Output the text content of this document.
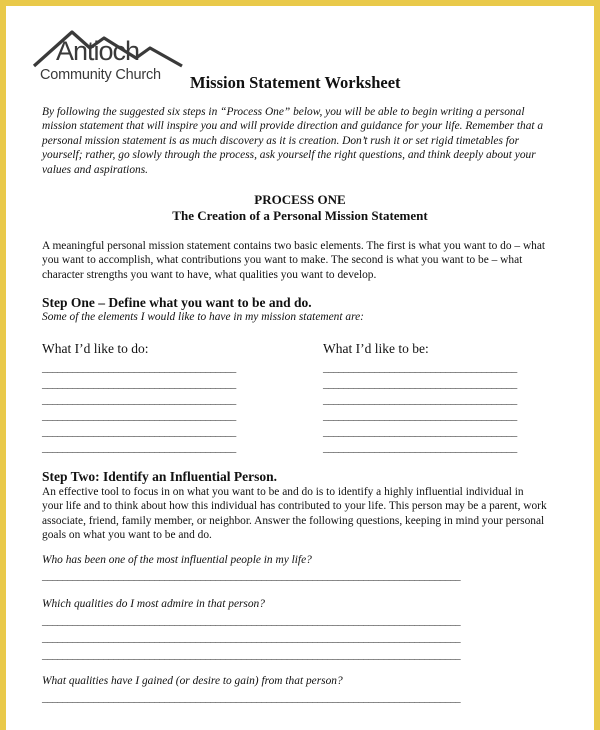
Antioch
Community Church Mission Statement Worksheet
By following the suggested six steps in “Process One” below, you will be able to begin writing a personal mission statement that will inspire you and will provide direction and guidance for your life. Remember that a personal mission statement is as much discovery as it is creation. Don’t rush it or set rigid timetables for yourself; rather, go slowly through the process, ask yourself the right questions, and think deeply about your values and aspirations.
PROCESS ONE
The Creation of a Personal Mission Statement
A meaningful personal mission statement contains two basic elements. The first is what you want to do – what you want to accomplish, what contributions you want to make. The second is what you want to be – what character strengths you want to have, what qualities you want to develop.
Step One – Define what you want to be and do.
Some of the elements I would like to have in my mission statement are:
What I’d like to do:	What I’d like to be:
______________________________________
______________________________________
______________________________________
______________________________________
______________________________________
______________________________________
______________________________________
______________________________________
______________________________________
______________________________________
______________________________________
______________________________________
Step Two: Identify an Influential Person.
An effective tool to focus in on what you want to be and do is to identify a highly influential individual in your life and to think about how this individual has contributed to your life. This person may be a parent, work associate, friend, family member, or neighbor. Answer the following questions, keeping in mind your personal goals on what you want to be and do.
Who has been one of the most influential people in my life?
__________________________________________________________________________________
Which qualities do I most admire in that person?
__________________________________________________________________________________
__________________________________________________________________________________
__________________________________________________________________________________
What qualities have I gained (or desire to gain) from that person?
__________________________________________________________________________________
